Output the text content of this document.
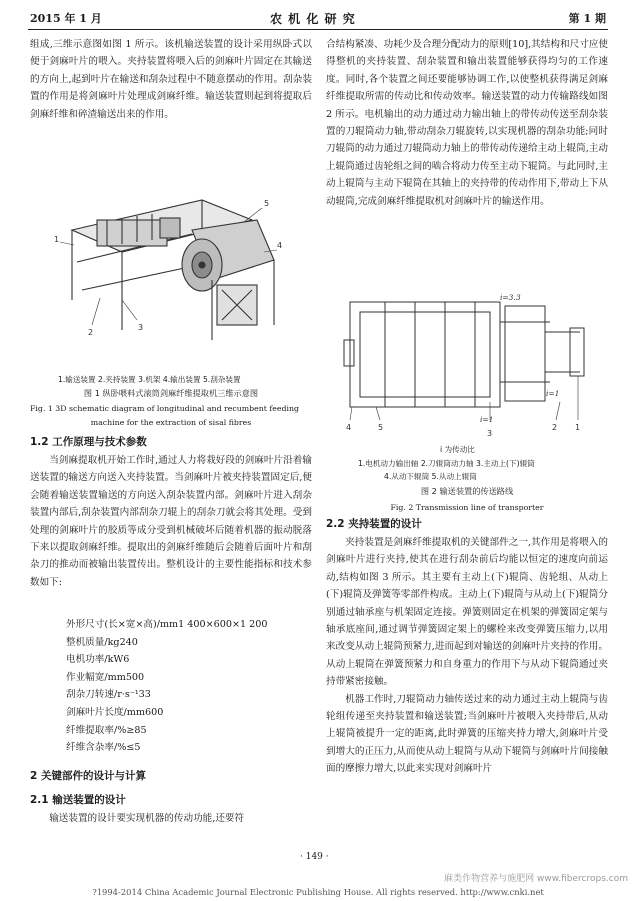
2015 年 1 月	农 机 化 研 究	第 1 期

组成,三维示意图如图 1 所示。该机输送装置的设计采用纵卧式以便于剑麻叶片的喂入。夹持装置将喂入后的剑麻叶片固定在其输送的方向上,起到叶片在输送和刮杂过程中不随意摆动的作用。刮杂装置的作用是将剑麻叶片处理成剑麻纤维。输送装置则起到将提取后剑麻纤维和碎渣输送出来的作用。

5
4
3
2
1
1.输送装置 2.夹持装置 3.机架 4.输出装置 5.刮杂装置
图 1 纵卧喂料式滚筒剑麻纤维提取机三维示意图
Fig. 1 3D schematic diagram of longitudinal and recumbent feeding
machine for the extraction of sisal fibres
1.2 工作原理与技术参数

当剑麻提取机开始工作时,通过人力将栽好段的剑麻叶片沿着输送装置的输送方向送入夹持装置。当剑麻叶片被夹持装置固定后,便会随着输送装置输送的方向送入刮杂装置内部。剑麻叶片进入刮杂装置内部后,刮杂装置内部刮杂刀辊上的刮杂刀就会将其处理。受到处理的剑麻叶片的胶质等成分受到机械破坏后随着机器的振动脱落下来以提取剑麻纤维。提取出的剑麻纤维随后会随着后面叶片和刮杂刀的推动而被输出装置传出。整机设计的主要性能指标和技术参数如下:

外形尺寸(长×宽×高)/mm 1 400×600×1 200
整机质量/kg 240
电机功率/kW 6
作业幅宽/mm 500
刮杂刀转速/r·s⁻¹ 33
剑麻叶片长度/mm 600
纤维提取率/% ≥85
纤维含杂率/% ≤5
2 关键部件的设计与计算
2.1 输送装置的设计

输送装置的设计要实现机器的传动功能,还要符

合结构紧凑、功耗少及合理分配动力的原则[10],其结构和尺寸应使得整机的夹持装置、刮杂装置和输出装置能够获得均匀的工作速度。同时,各个装置之间还要能够协调工作,以使整机获得满足剑麻纤维提取所需的传动比和传动效率。输送装置的动力传输路线如图 2 所示。电机输出的动力通过动力输出轴上的带传动传送至刮杂装置的刀辊筒动力轴,带动刮杂刀辊旋转,以实现机器的刮杂功能;同时刀辊筒的动力通过刀辊筒动力轴上的带传动传递给主动上辊筒,主动上辊筒通过齿轮组之间的啮合将动力传至主动下辊筒。与此同时,主动上辊筒与主动下辊筒在其轴上的夹持带的传动作用下,带动上下从动辊筒,完成剑麻纤维提取机对剑麻叶片的输送作用。

i=3.3
i=1
i=1
4	5	1
2
3
i 为传动比
1.电机动力输出轴 2.刀辊筒动力轴 3.主动上(下)辊筒
4.从动下辊筒 5.从动上辊筒
图 2 输送装置的传送路线
Fig. 2 Transmission line of transporter
2.2 夹持装置的设计

夹持装置是剑麻纤维提取机的关键部件之一,其作用是将喂入的剑麻叶片进行夹持,使其在进行刮杂前后均能以恒定的速度向前运动,结构如图 3 所示。其主要有主动上(下)辊筒、齿轮组、从动上(下)辊筒及弹簧等零部件构成。主动上(下)辊筒与从动上(下)辊筒分别通过轴承座与机架固定连接。弹簧则固定在机架的弹簧固定架与轴承底座间,通过调节弹簧固定架上的螺栓来改变弹簧压缩力,以用来改变从动上辊筒预紧力,进而起到对输送的剑麻叶片夹持的作用。从动上辊筒在弹簧预紧力和自身重力的作用下与从动下辊筒通过夹持带紧密接触。

机器工作时,刀辊筒动力轴传送过来的动力通过主动上辊筒与齿轮组传递至夹持装置和输送装置;当剑麻叶片被喂入夹持带后,从动上辊筒被提升一定的距离,此时弹簧的压缩夹持力增大,剑麻叶片受到增大的正压力,从而使从动上辊筒与从动下辊筒与剑麻叶片间接触面的摩擦力增大,以此来实现对剑麻叶片

· 149 ·
?1994-2014 China Academic Journal Electronic Publishing House. All rights reserved. http://www.cnki.net
麻类作物营养与施肥网 www.fibercrops.com
